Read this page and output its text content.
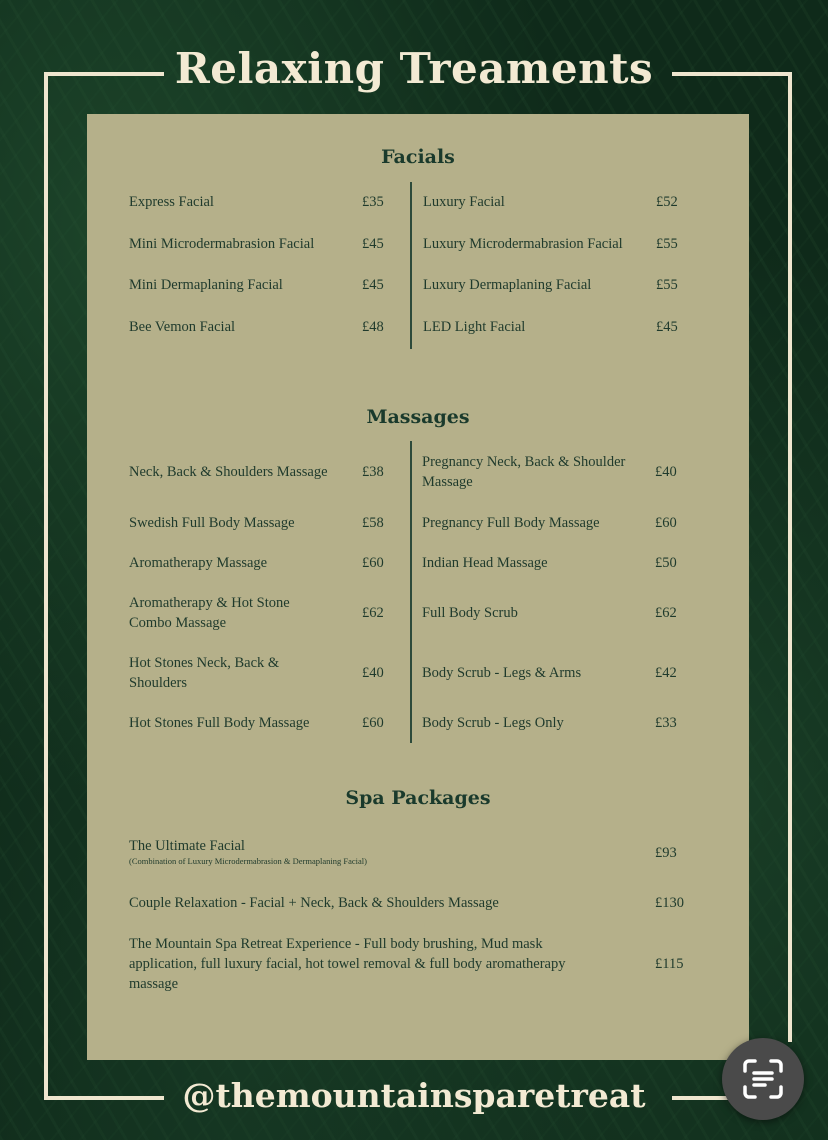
Relaxing Treaments
Facials
Express Facial	£35
Mini Microdermabrasion Facial	£45
Mini Dermaplaning Facial	£45
Bee Vemon Facial	£48
Luxury Facial	£52
Luxury Microdermabrasion Facial	£55
Luxury Dermaplaning Facial	£55
LED Light Facial	£45
Massages
Neck, Back & Shoulders Massage	£38
Swedish Full Body Massage	£58
Aromatherapy Massage	£60
Aromatherapy & Hot Stone Combo Massage
£62
Hot Stones Neck, Back & Shoulders
£40
Hot Stones Full Body Massage	£60
Pregnancy Neck, Back & Shoulder Massage
£40
Pregnancy Full Body Massage	£60
Indian Head Massage	£50
Full Body Scrub	£62
Body Scrub - Legs & Arms	£42
Body Scrub - Legs Only	£33
Spa Packages
The Ultimate Facial
(Combination of Luxury Microdermabrasion & Dermaplaning Facial)	£93
Couple Relaxation - Facial + Neck, Back & Shoulders Massage	£130
The Mountain Spa Retreat Experience - Full body brushing, Mud mask application, full luxury facial, hot towel removal & full body aromatherapy massage
£115
@themountainsparetreat
